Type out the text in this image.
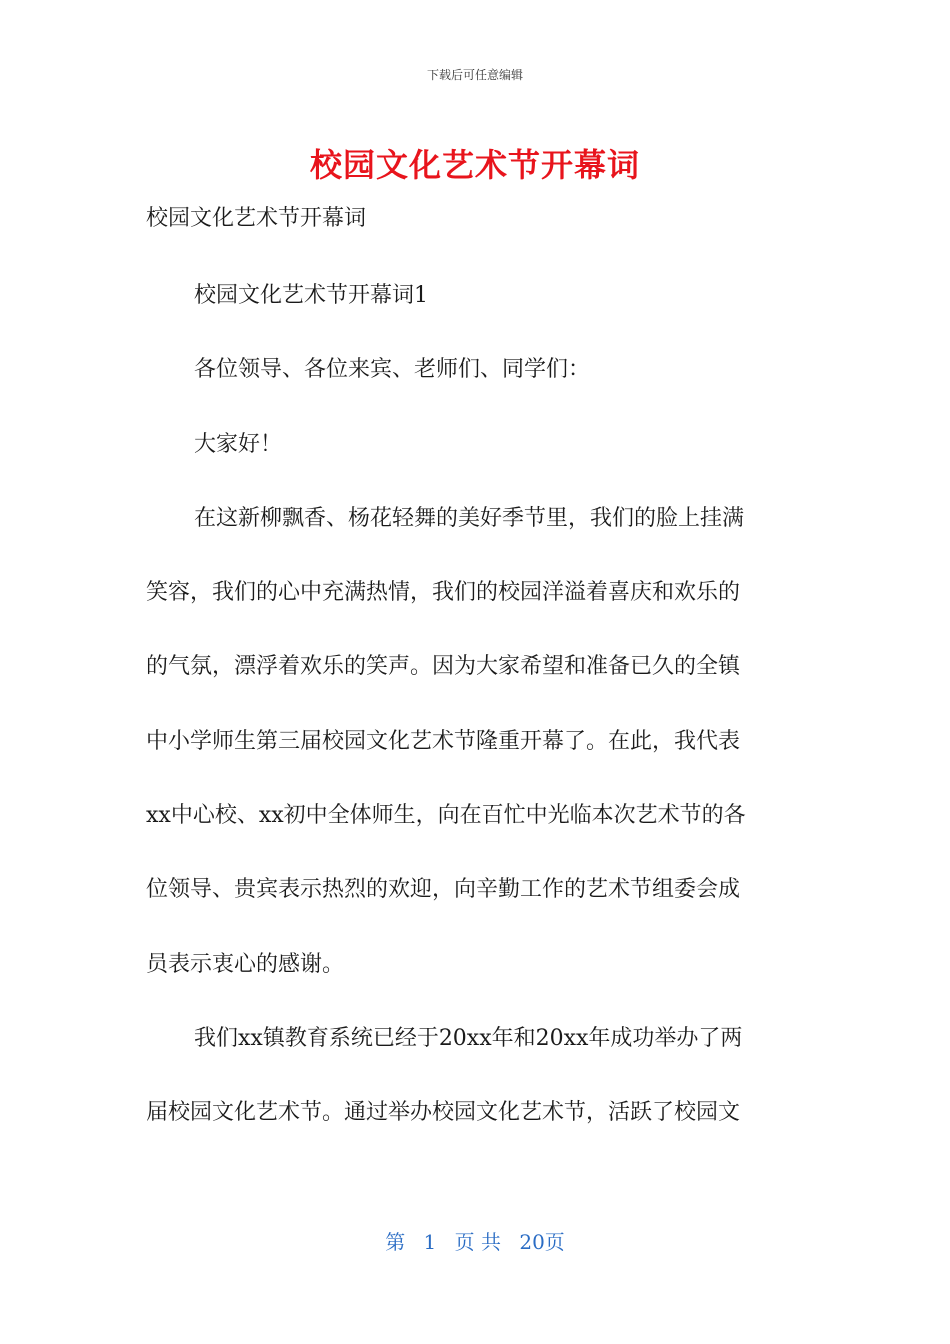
下载后可任意编辑
校园文化艺术节开幕词
校园文化艺术节开幕词
校园文化艺术节开幕词1
各位领导、各位来宾、老师们、同学们：
大家好！
在这新柳飘香、杨花轻舞的美好季节里，我们的脸上挂满
笑容，我们的心中充满热情，我们的校园洋溢着喜庆和欢乐的
的气氛，漂浮着欢乐的笑声。因为大家希望和准备已久的全镇
中小学师生第三届校园文化艺术节隆重开幕了。在此，我代表
xx中心校、xx初中全体师生，向在百忙中光临本次艺术节的各
位领导、贵宾表示热烈的欢迎，向辛勤工作的艺术节组委会成
员表示衷心的感谢。
我们xx镇教育系统已经于20xx年和20xx年成功举办了两
届校园文化艺术节。通过举办校园文化艺术节，活跃了校园文
第 1 页 共 20页
